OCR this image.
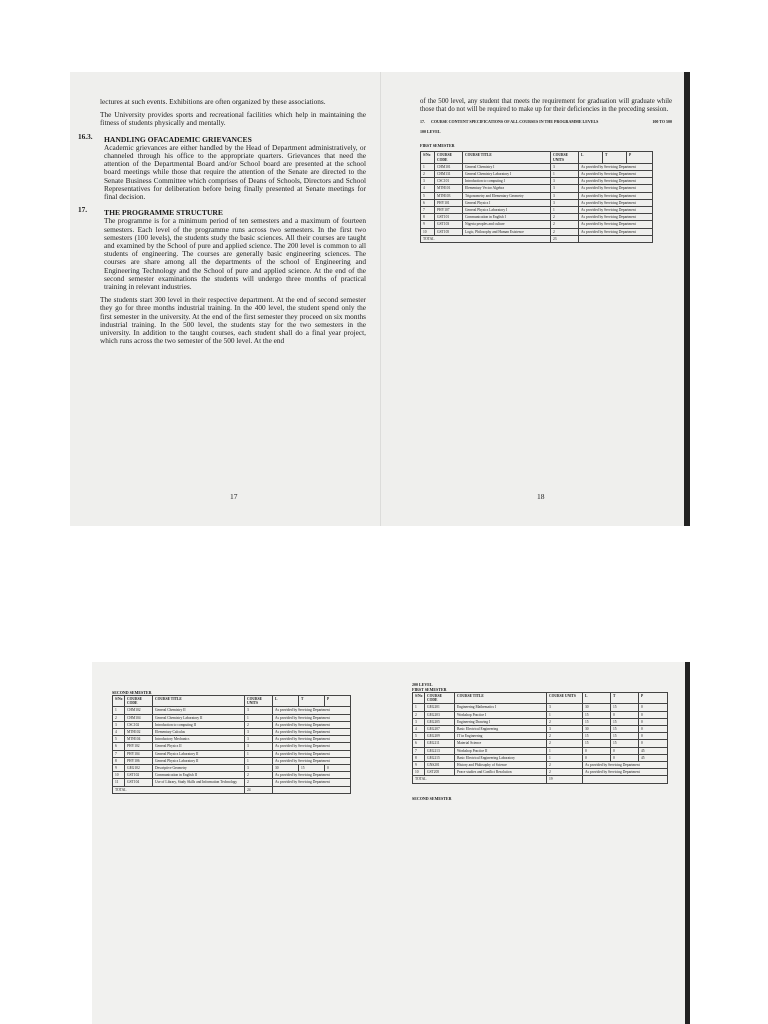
lectures at such events. Exhibitions are often organized by these associations.

The University provides sports and recreational facilities which help in maintaining the fitness of students physically and mentally.

16.3.	HANDLING OFACADEMIC GRIEVANCES

Academic grievances are either handled by the Head of Department administratively, or channeled through his office to the appropriate quarters. Grievances that need the attention of the Departmental Board and/or School board are presented at the school board meetings while those that require the attention of the Senate are directed to the Senate Business Committee which comprises of Deans of Schools, Directors and School Representatives for deliberation before being finally presented at Senate meetings for final decision.

17.	THE PROGRAMME STRUCTURE

The programme is for a minimum period of ten semesters and a maximum of fourteen semesters. Each level of the programme runs across two semesters. In the first two semesters (100 levels), the students study the basic sciences. All their courses are taught and examined by the School of pure and applied science. The 200 level is common to all students of engineering. The courses are generally basic engineering sciences. The courses are share among all the departments of the school of Engineering and Engineering Technology and the School of pure and applied science. At the end of the second semester examinations the students will undergo three months of practical training in relevant industries.

The students start 300 level in their respective department. At the end of second semester they go for three months industrial training. In the 400 level, the student spend only the first semester in the university. At the end of the first semester they proceed on six months industrial training. In the 500 level, the students stay for the two semesters in the university. In addition to the taught courses, each student shall do a final year project, which runs across the two semester of the 500 level. At the end

17

of the 500 level, any student that meets the requirement for graduation will graduate while those that do not will be required to make up for their deficiencies in the preceding session.

17. COURSE CONTENT SPECIFICATIONS OF ALL COURSES IN THE PROGRAMME LEVELS	100 TO 500
100 LEVEL
FIRST SEMESTER
S/No	COURSE CODE	COURSE TITLE	COURSE UNITS	L	T	P
1	CHM101	General Chemistry I	3	As provided by Servicing Department		
2	CHM131	General Chemistry Laboratory I	1	As provided by Servicing Department		
3	CSC101	Introduction to computing I	3	As provided by Servicing Department		
4	MTH101	Elementary Vector Algebra	3	As provided by Servicing Department		
5	MTH103	Trigonometry and Elementary Geometry	3	As provided by Servicing Department		
6	PHY101	General Physics I	3	As provided by Servicing Department		
7	PHY107	General Physics Laboratory I	1	As provided by Servicing Department		
8	GST101	Communication in English I	2	As provided by Servicing Department		
9	GST103	Nigeria peoples and culture	2	As provided by Servicing Department		
10	GST105	Logic, Philosophy and Human Existence	2	As provided by Servicing Department		
TOTAL			23			
18
SECOND SEMESTER
S/No	COURSE CODE	COURSE TITLE	COURSE UNITS	L	T	P
1	CHM102	General Chemistry II	3	As provided by Servicing Department		
2	CHM104	General Chemistry Laboratory II	1	As provided by Servicing Department		
3	CSC102	Introduction to computing II	2	As provided by Servicing Department		
4	MTH102	Elementary Calculus	3	As provided by Servicing Department		
5	MTH104	Introductory Mechanics	3	As provided by Servicing Department		
6	PHY102	General Physics II	3	As provided by Servicing Department		
7	PHY104	General Physics Laboratory II	1	As provided by Servicing Department		
8	PHY106	General Physics Laboratory II	1	As provided by Servicing Department		
9	GEG102	Descriptive Geometry	3	30	15	0
10	GST102	Communication in English II	2	As provided by Servicing Department		
11	GST104	Use of Library, Study Skills and Information Technology	2	As provided by Servicing Department		
TOTAL			24			
200 LEVEL
FIRST SEMESTER
S/No	COURSE CODE	COURSE TITLE	COURSE UNITS	L	T	P
1	GEG201	Engineering Mathematics I	3	30	15	0
2	GEG203	Workshop Practice I	1	15	0	0
3	GEG205	Engineering Drawing I	2	15	15	0
4	GEG207	Basic Electrical Engineering	3	30	15	0
5	GEG209	IT in Engineering	2	15	15	0
6	GEG211	Material Science	2	15	15	0
7	GEG213	Workshop Practice II	1	0	0	45
8	GEG215	Basic Electrical Engineering Laboratory	1	0	0	45
9	GNS201	History and Philosophy of Science	2	As provided by Servicing Department		
10	GST205	Peace studies and Conflict Resolution	2	As provided by Servicing Department		
TOTAL			19			
SECOND SEMESTER
